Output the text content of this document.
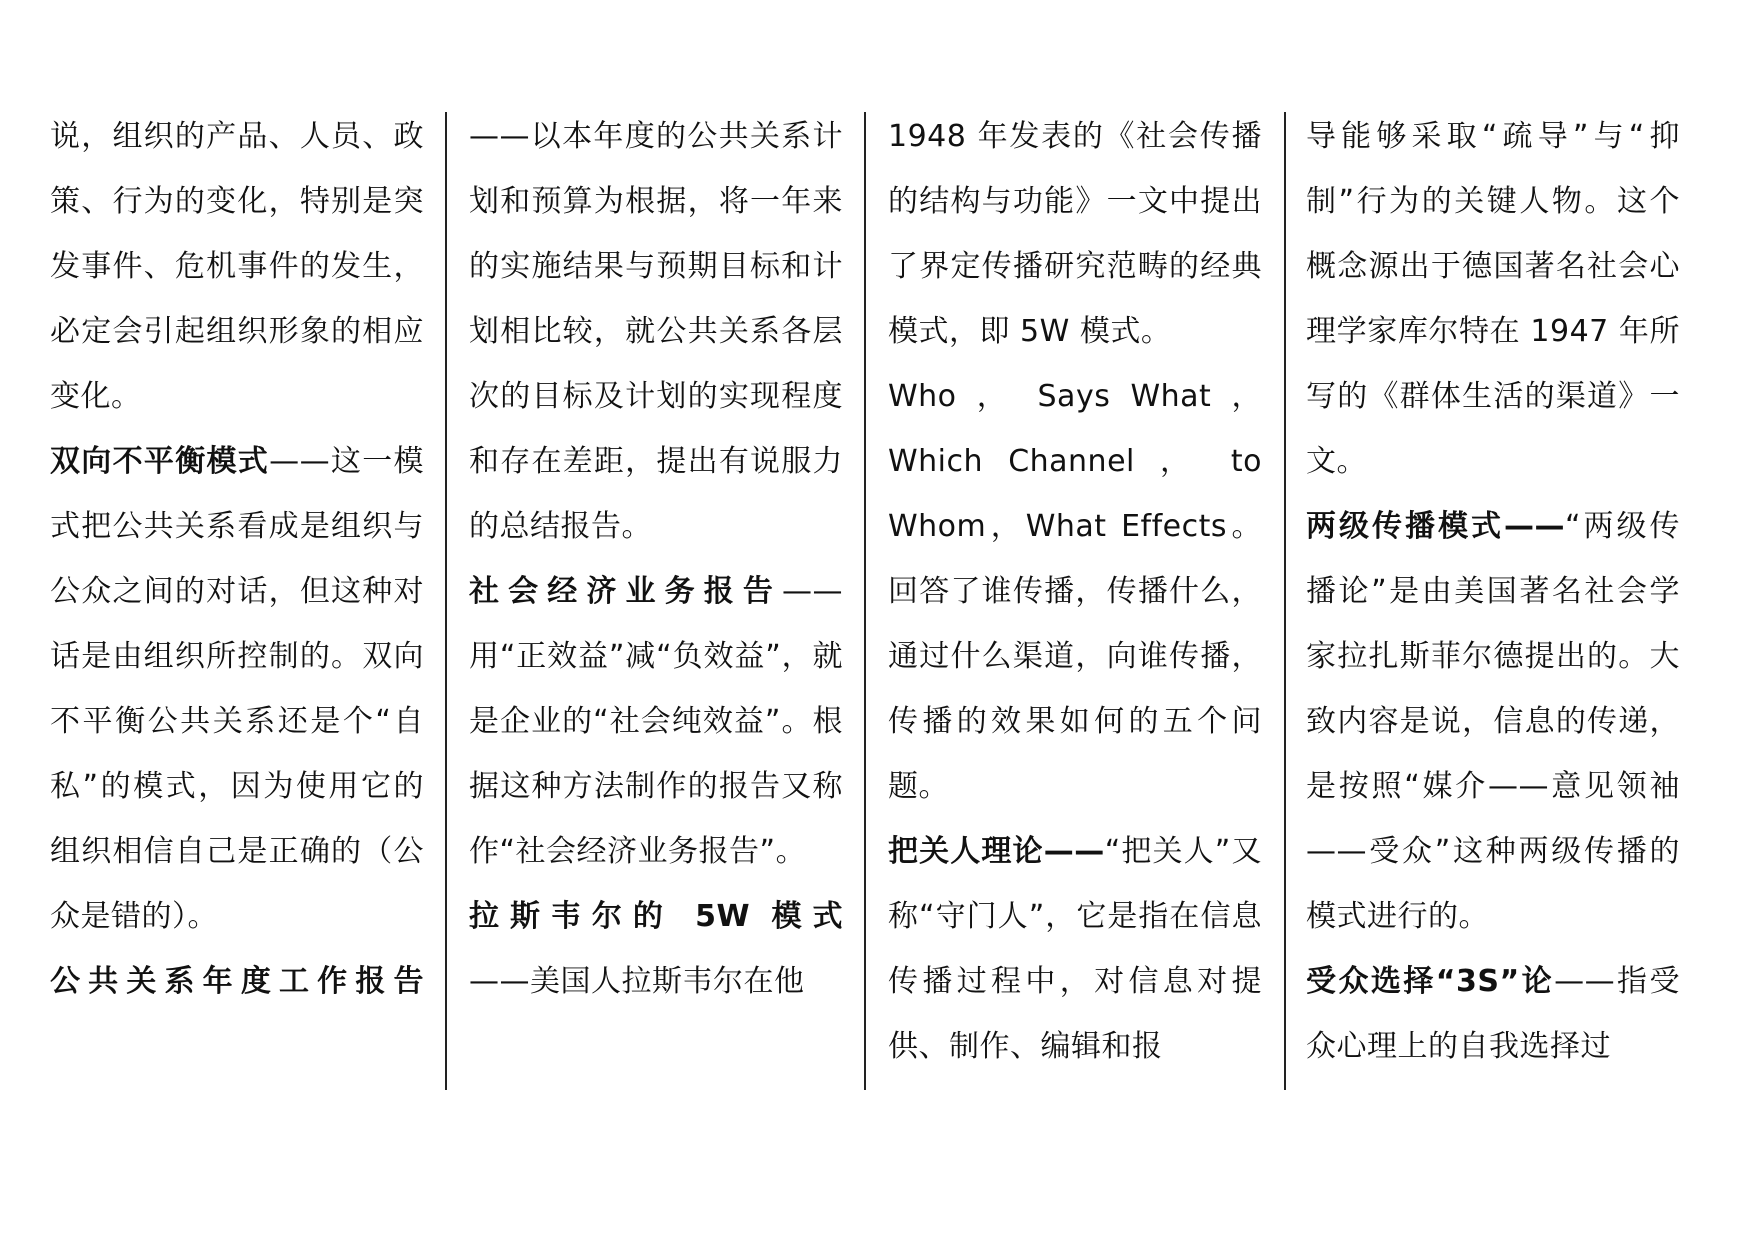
说，组织的产品、人员、政策、行为的变化，特别是突发事件、危机事件的发生，必定会引起组织形象的相应变化。

双向不平衡模式——这一模式把公共关系看成是组织与公众之间的对话，但这种对话是由组织所控制的。双向不平衡公共关系还是个“自私”的模式，因为使用它的组织相信自己是正确的（公众是错的）。

公共关系年度工作报告

——以本年度的公共关系计划和预算为根据，将一年来的实施结果与预期目标和计划相比较，就公共关系各层次的目标及计划的实现程度和存在差距，提出有说服力的总结报告。

社会经济业务报告——用“正效益”减“负效益”，就是企业的“社会纯效益”。根据这种方法制作的报告又称作“社会经济业务报告”。

拉斯韦尔的 5W 模式
——美国人拉斯韦尔在他

1948 年发表的《社会传播的结构与功能》一文中提出了界定传播研究范畴的经典模式，即 5W 模式。
Who ， Says What ，
Which Channel ， to
Whom，What Effects。回答了谁传播，传播什么，通过什么渠道，向谁传播，传播的效果如何的五个问题。

把关人理论——“把关人”又称“守门人”，它是指在信息传播过程中，对信息对提供、制作、编辑和报

导能够采取“疏导”与“抑制”行为的关键人物。这个概念源出于德国著名社会心理学家库尔特在 1947 年所写的《群体生活的渠道》一文。

两级传播模式——“两级传播论”是由美国著名社会学家拉扎斯菲尔德提出的。大致内容是说，信息的传递，是按照“媒介——意见领袖——受众”这种两级传播的模式进行的。

受众选择“3S”论——指受众心理上的自我选择过
